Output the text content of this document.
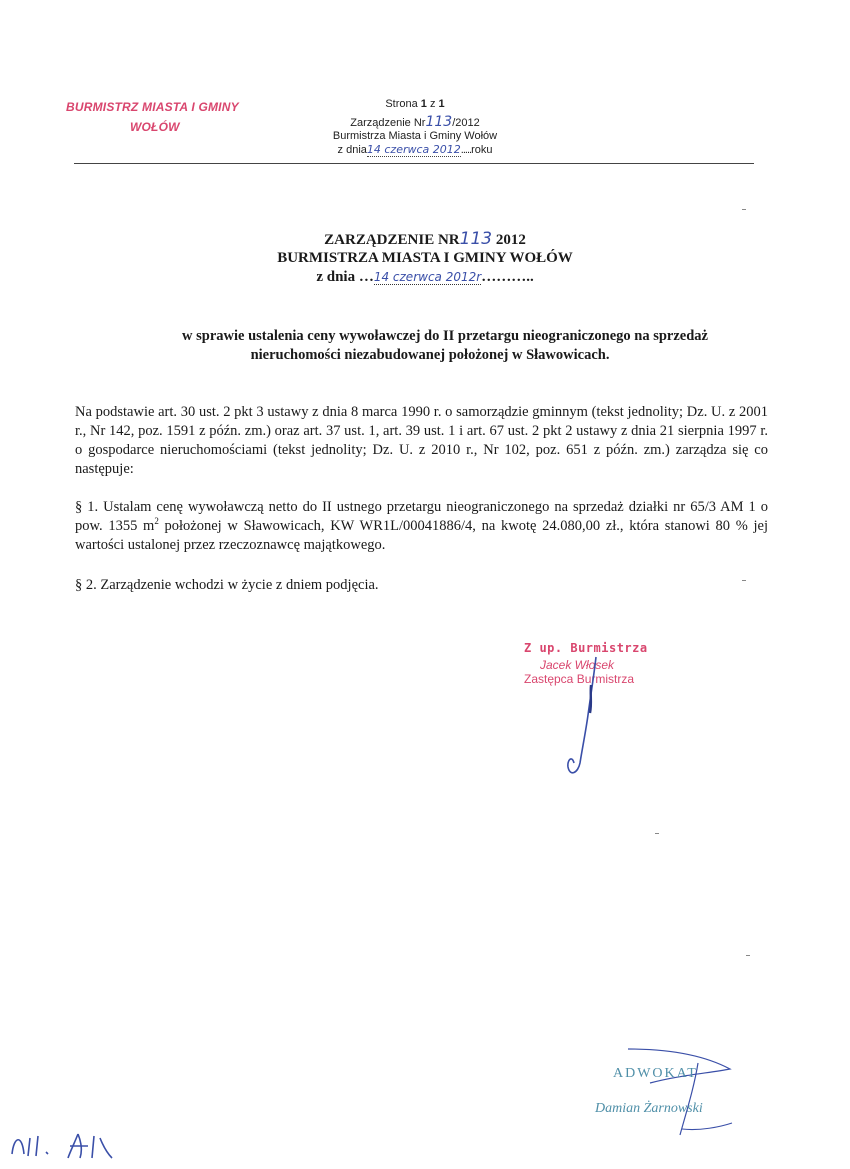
BURMISTRZ MIASTA I GMINY
WOŁÓW
Strona 1 z 1
Zarządzenie Nr113/2012
Burmistrza Miasta i Gminy Wołów
z dnia14 czerwca 2012.....roku
ZARZĄDZENIE NR113 2012
BURMISTRZA MIASTA I GMINY WOŁÓW
z dnia …14 czerwca 2012r………..
w sprawie ustalenia ceny wywoławczej do II przetargu nieograniczonego na sprzedaż
nieruchomości niezabudowanej położonej w Sławowicach.
Na podstawie art. 30 ust. 2 pkt 3 ustawy z dnia 8 marca 1990 r. o samorządzie gminnym (tekst jednolity; Dz. U. z 2001 r., Nr 142, poz. 1591 z późn. zm.) oraz art. 37 ust. 1, art. 39 ust. 1 i art. 67 ust. 2 pkt 2 ustawy z dnia 21 sierpnia 1997 r. o gospodarce nieruchomościami (tekst jednolity; Dz. U. z 2010 r., Nr 102, poz. 651 z późn. zm.) zarządza się co następuje:
§ 1. Ustalam cenę wywoławczą netto do II ustnego przetargu nieograniczonego na sprzedaż działki nr 65/3 AM 1 o pow. 1355 $m^2$ położonej w Sławowicach, KW WR1L/00041886/4, na kwotę 24.080,00 zł., która stanowi 80 % jej wartości ustalonej przez rzeczoznawcę majątkowego.
§ 2. Zarządzenie wchodzi w życie z dniem podjęcia.
Z up. Burmistrza
Jacek Włosek
Zastępca Burmistrza
ADWOKAT
Damian Żarnowski
